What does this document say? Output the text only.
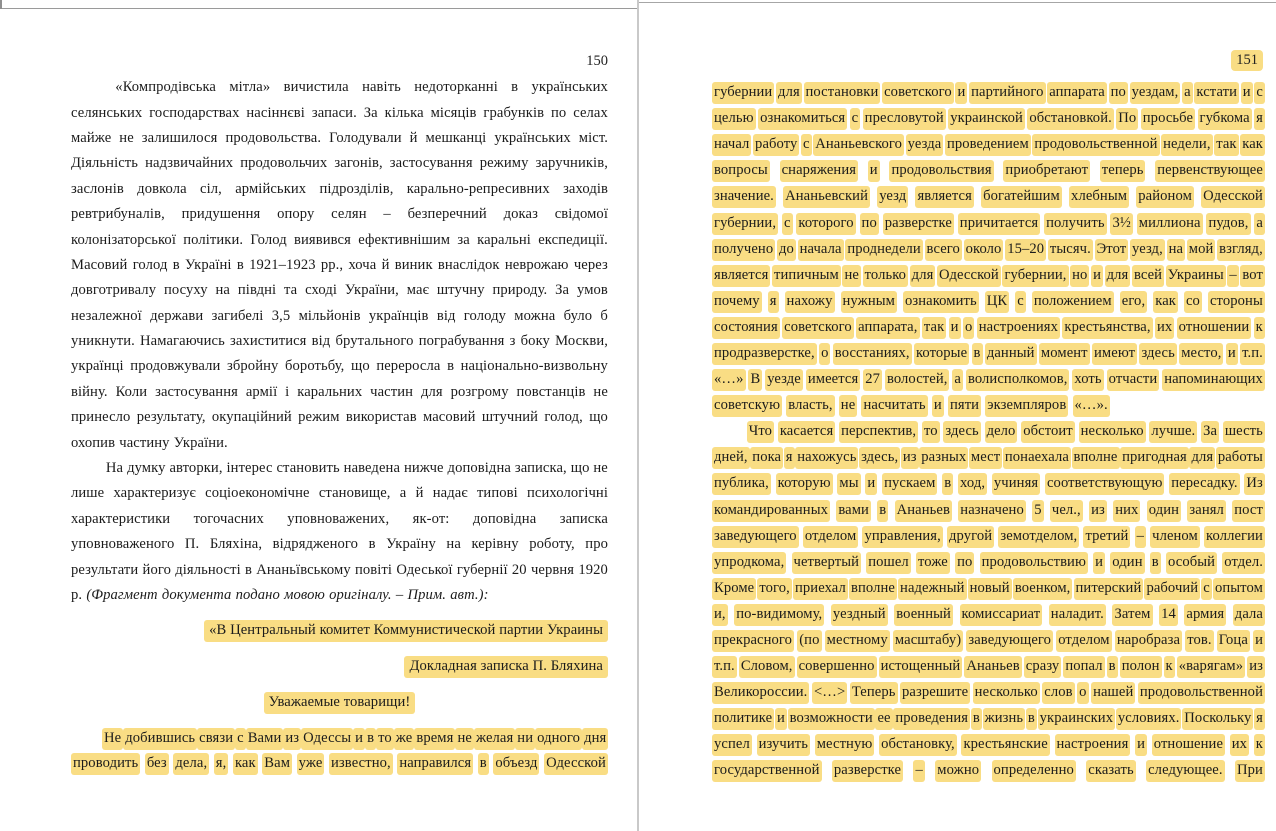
150
«Компродівська мітла» вичистила навіть недоторканні в українських
селянських господарствах насіннєві запаси. За кілька місяців грабунків по селах
майже не залишилося продовольства. Голодували й мешканці українських міст.
Діяльність надзвичайних продовольчих загонів, застосування режиму заручників,
заслонів довкола сіл, армійських підрозділів, карально-репресивних заходів
ревтрибуналів, придушення опору селян – безперечний доказ свідомої
колонізаторської політики. Голод виявився ефективнішим за каральні експедиції.
Масовий голод в Україні в 1921–1923 рр., хоча й виник внаслідок неврожаю через
довготривалу посуху на півдні та сході України, має штучну природу. За умов
незалежної держави загибелі 3,5 мільйонів українців від голоду можна було б
уникнути. Намагаючись захиститися від брутального пограбування з боку Москви,
українці продовжували збройну боротьбу, що переросла в національно-визвольну
війну. Коли застосування армії і каральних частин для розгрому повстанців не
принесло результату, окупаційний режим використав масовий штучний голод, що
охопив частину України.
На думку авторки, інтерес становить наведена нижче доповідна записка, що не
лише характеризує соціоекономічне становище, а й надає типові психологічні
характеристики тогочасних уповноважених, як-от: доповідна записка
уповноваженого П. Бляхіна, відрядженого в Україну на керівну роботу, про
результати його діяльності в Ананьївському повіті Одеської губернії 20 червня 1920
р. (Фрагмент документа подано мовою оригіналу. – Прим. авт.):
«В Центральный комитет Коммунистической партии Украины
Докладная записка П. Бляхина
Уважаемые товарищи!
Не добившись связи с Вами из Одессы и в то же время не желая ни одного дня
проводить без дела, я, как Вам уже известно, направился в объезд Одесской
151
губернии для постановки советского и партийного аппарата по уездам, а кстати и с
целью ознакомиться с пресловутой украинской обстановкой. По просьбе губкома я
начал работу с Ананьевского уезда проведением продовольственной недели, так как
вопросы снаряжения и продовольствия приобретают теперь первенствующее
значение. Ананьевский уезд является богатейшим хлебным районом Одесской
губернии, с которого по разверстке причитается получить 3½ миллиона пудов, а
получено до начала проднедели всего около 15–20 тысяч. Этот уезд, на мой взгляд,
является типичным не только для Одесской губернии, но и для всей Украины – вот
почему я нахожу нужным ознакомить ЦК с положением его, как со стороны
состояния советского аппарата, так и о настроениях крестьянства, их отношении к
продразверстке, о восстаниях, которые в данный момент имеют здесь место, и т.п.
«…» В уезде имеется 27 волостей, а волисполкомов, хоть отчасти напоминающих
советскую власть, не насчитать и пяти экземпляров «…».
Что касается перспектив, то здесь дело обстоит несколько лучше. За шесть
дней, пока я нахожусь здесь, из разных мест понаехала вполне пригодная для работы
публика, которую мы и пускаем в ход, учиняя соответствующую пересадку. Из
командированных вами в Ананьев назначено 5 чел., из них один занял пост
заведующего отделом управления, другой земотделом, третий – членом коллегии
упродкома, четвертый пошел тоже по продовольствию и один в особый отдел.
Кроме того, приехал вполне надежный новый военком, питерский рабочий с опытом
и, по-видимому, уездный военный комиссариат наладит. Затем 14 армия дала
прекрасного (по местному масштабу) заведующего отделом наробраза тов. Гоца и
т.п. Словом, совершенно истощенный Ананьев сразу попал в полон к «варягам» из
Великороссии. <…> Теперь разрешите несколько слов о нашей продовольственной
политике и возможности ее проведения в жизнь в украинских условиях. Поскольку я
успел изучить местную обстановку, крестьянские настроения и отношение их к
государственной разверстке – можно определенно сказать следующее. При
